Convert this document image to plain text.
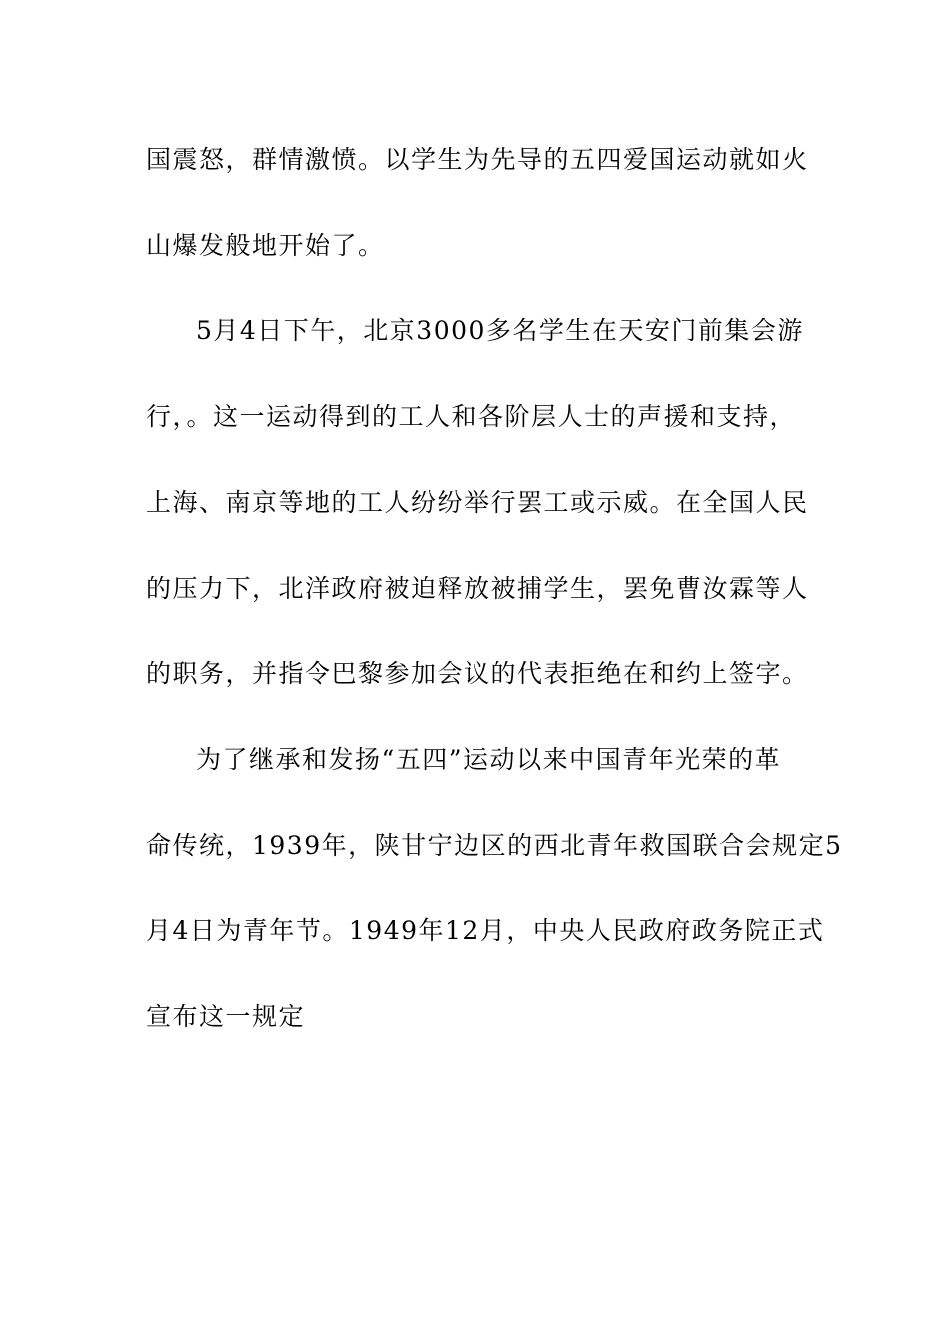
国震怒，群情激愤。以学生为先导的五四爱国运动就如火
山爆发般地开始了。
5月4日下午，北京3000多名学生在天安门前集会游
行，。这一运动得到的工人和各阶层人士的声援和支持，
上海、南京等地的工人纷纷举行罢工或示威。在全国人民
的压力下，北洋政府被迫释放被捕学生，罢免曹汝霖等人
的职务，并指令巴黎参加会议的代表拒绝在和约上签字。
为了继承和发扬“五四”运动以来中国青年光荣的革
命传统，1939年，陕甘宁边区的西北青年救国联合会规定5
月4日为青年节。1949年12月，中央人民政府政务院正式
宣布这一规定
